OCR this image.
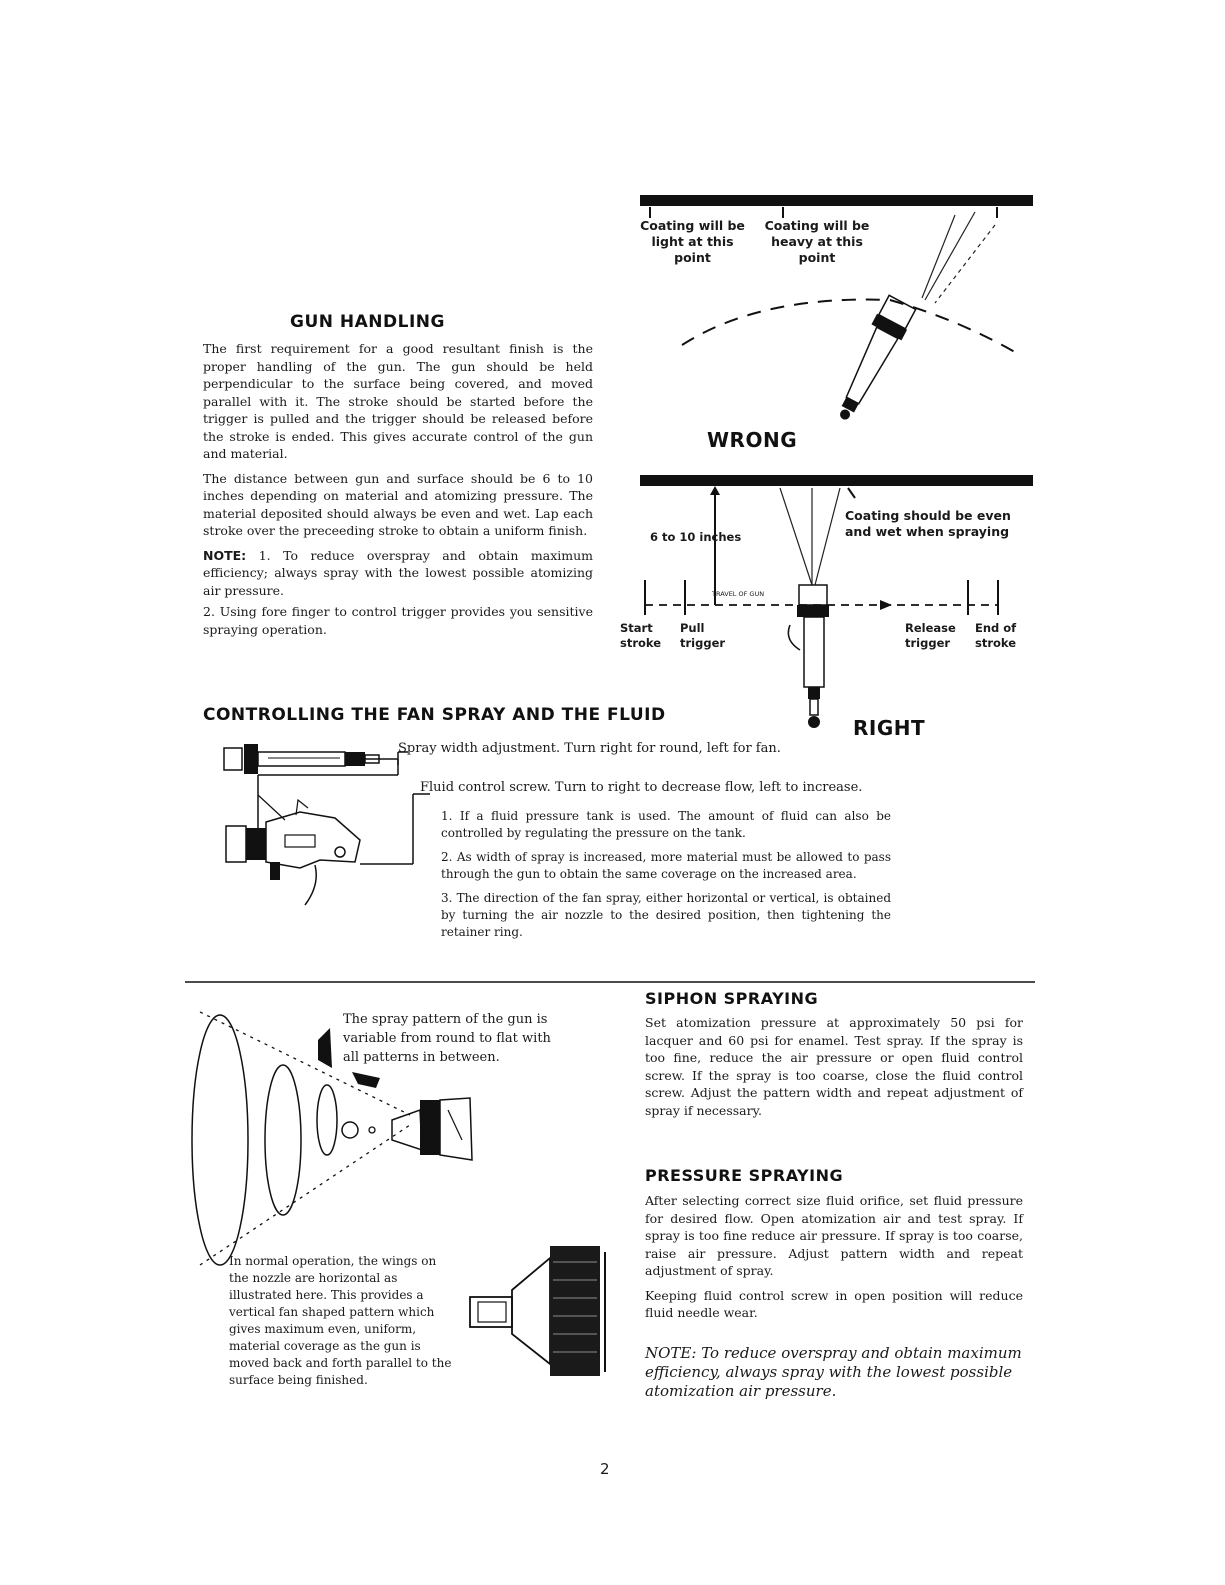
GUN HANDLING

The first requirement for a good resultant finish is the proper handling of the gun. The gun should be held perpendicular to the surface being covered, and moved parallel with it. The stroke should be started before the trigger is pulled and the trigger should be released before the stroke is ended. This gives accurate control of the gun and material.

The distance between gun and surface should be 6 to 10 inches depending on material and atomizing pressure. The material deposited should always be even and wet. Lap each stroke over the preceeding stroke to obtain a uniform finish.

NOTE: 1. To reduce overspray and obtain maximum efficiency; always spray with the lowest possible atomizing air pressure.

2. Using fore finger to control trigger provides you sensitive spraying operation.

Coating will be light at this point
Coating will be heavy at this point
WRONG
6 to 10 inches
Coating should be even and wet when spraying
TRAVEL OF GUN
Start stroke
Pull trigger
Release trigger
End of stroke
RIGHT
CONTROLLING THE FAN SPRAY AND THE FLUID
Spray width adjustment. Turn right for round, left for fan.
Fluid control screw. Turn to right to decrease flow, left to increase.

1. If a fluid pressure tank is used. The amount of fluid can also be controlled by regulating the pressure on the tank.

2. As width of spray is increased, more material must be allowed to pass through the gun to obtain the same coverage on the increased area.

3. The direction of the fan spray, either horizontal or vertical, is obtained by turning the air nozzle to the desired position, then tightening the retainer ring.

The spray pattern of the gun is variable from round to flat with all patterns in between.
In normal operation, the wings on the nozzle are horizontal as illustrated here. This provides a vertical fan shaped pattern which gives maximum even, uniform, material coverage as the gun is moved back and forth parallel to the surface being finished.
SIPHON SPRAYING
Set atomization pressure at approximately 50 psi for lacquer and 60 psi for enamel. Test spray. If the spray is too fine, reduce the air pressure or open fluid control screw. If the spray is too coarse, close the fluid control screw. Adjust the pattern width and repeat adjustment of spray if necessary.
PRESSURE SPRAYING

After selecting correct size fluid orifice, set fluid pressure for desired flow. Open atomization air and test spray. If spray is too fine reduce air pressure. If spray is too coarse, raise air pressure. Adjust pattern width and repeat adjustment of spray.

Keeping fluid control screw in open position will reduce fluid needle wear.

NOTE: To reduce overspray and obtain maximum efficiency, always spray with the lowest possible atomization air pressure.
2
